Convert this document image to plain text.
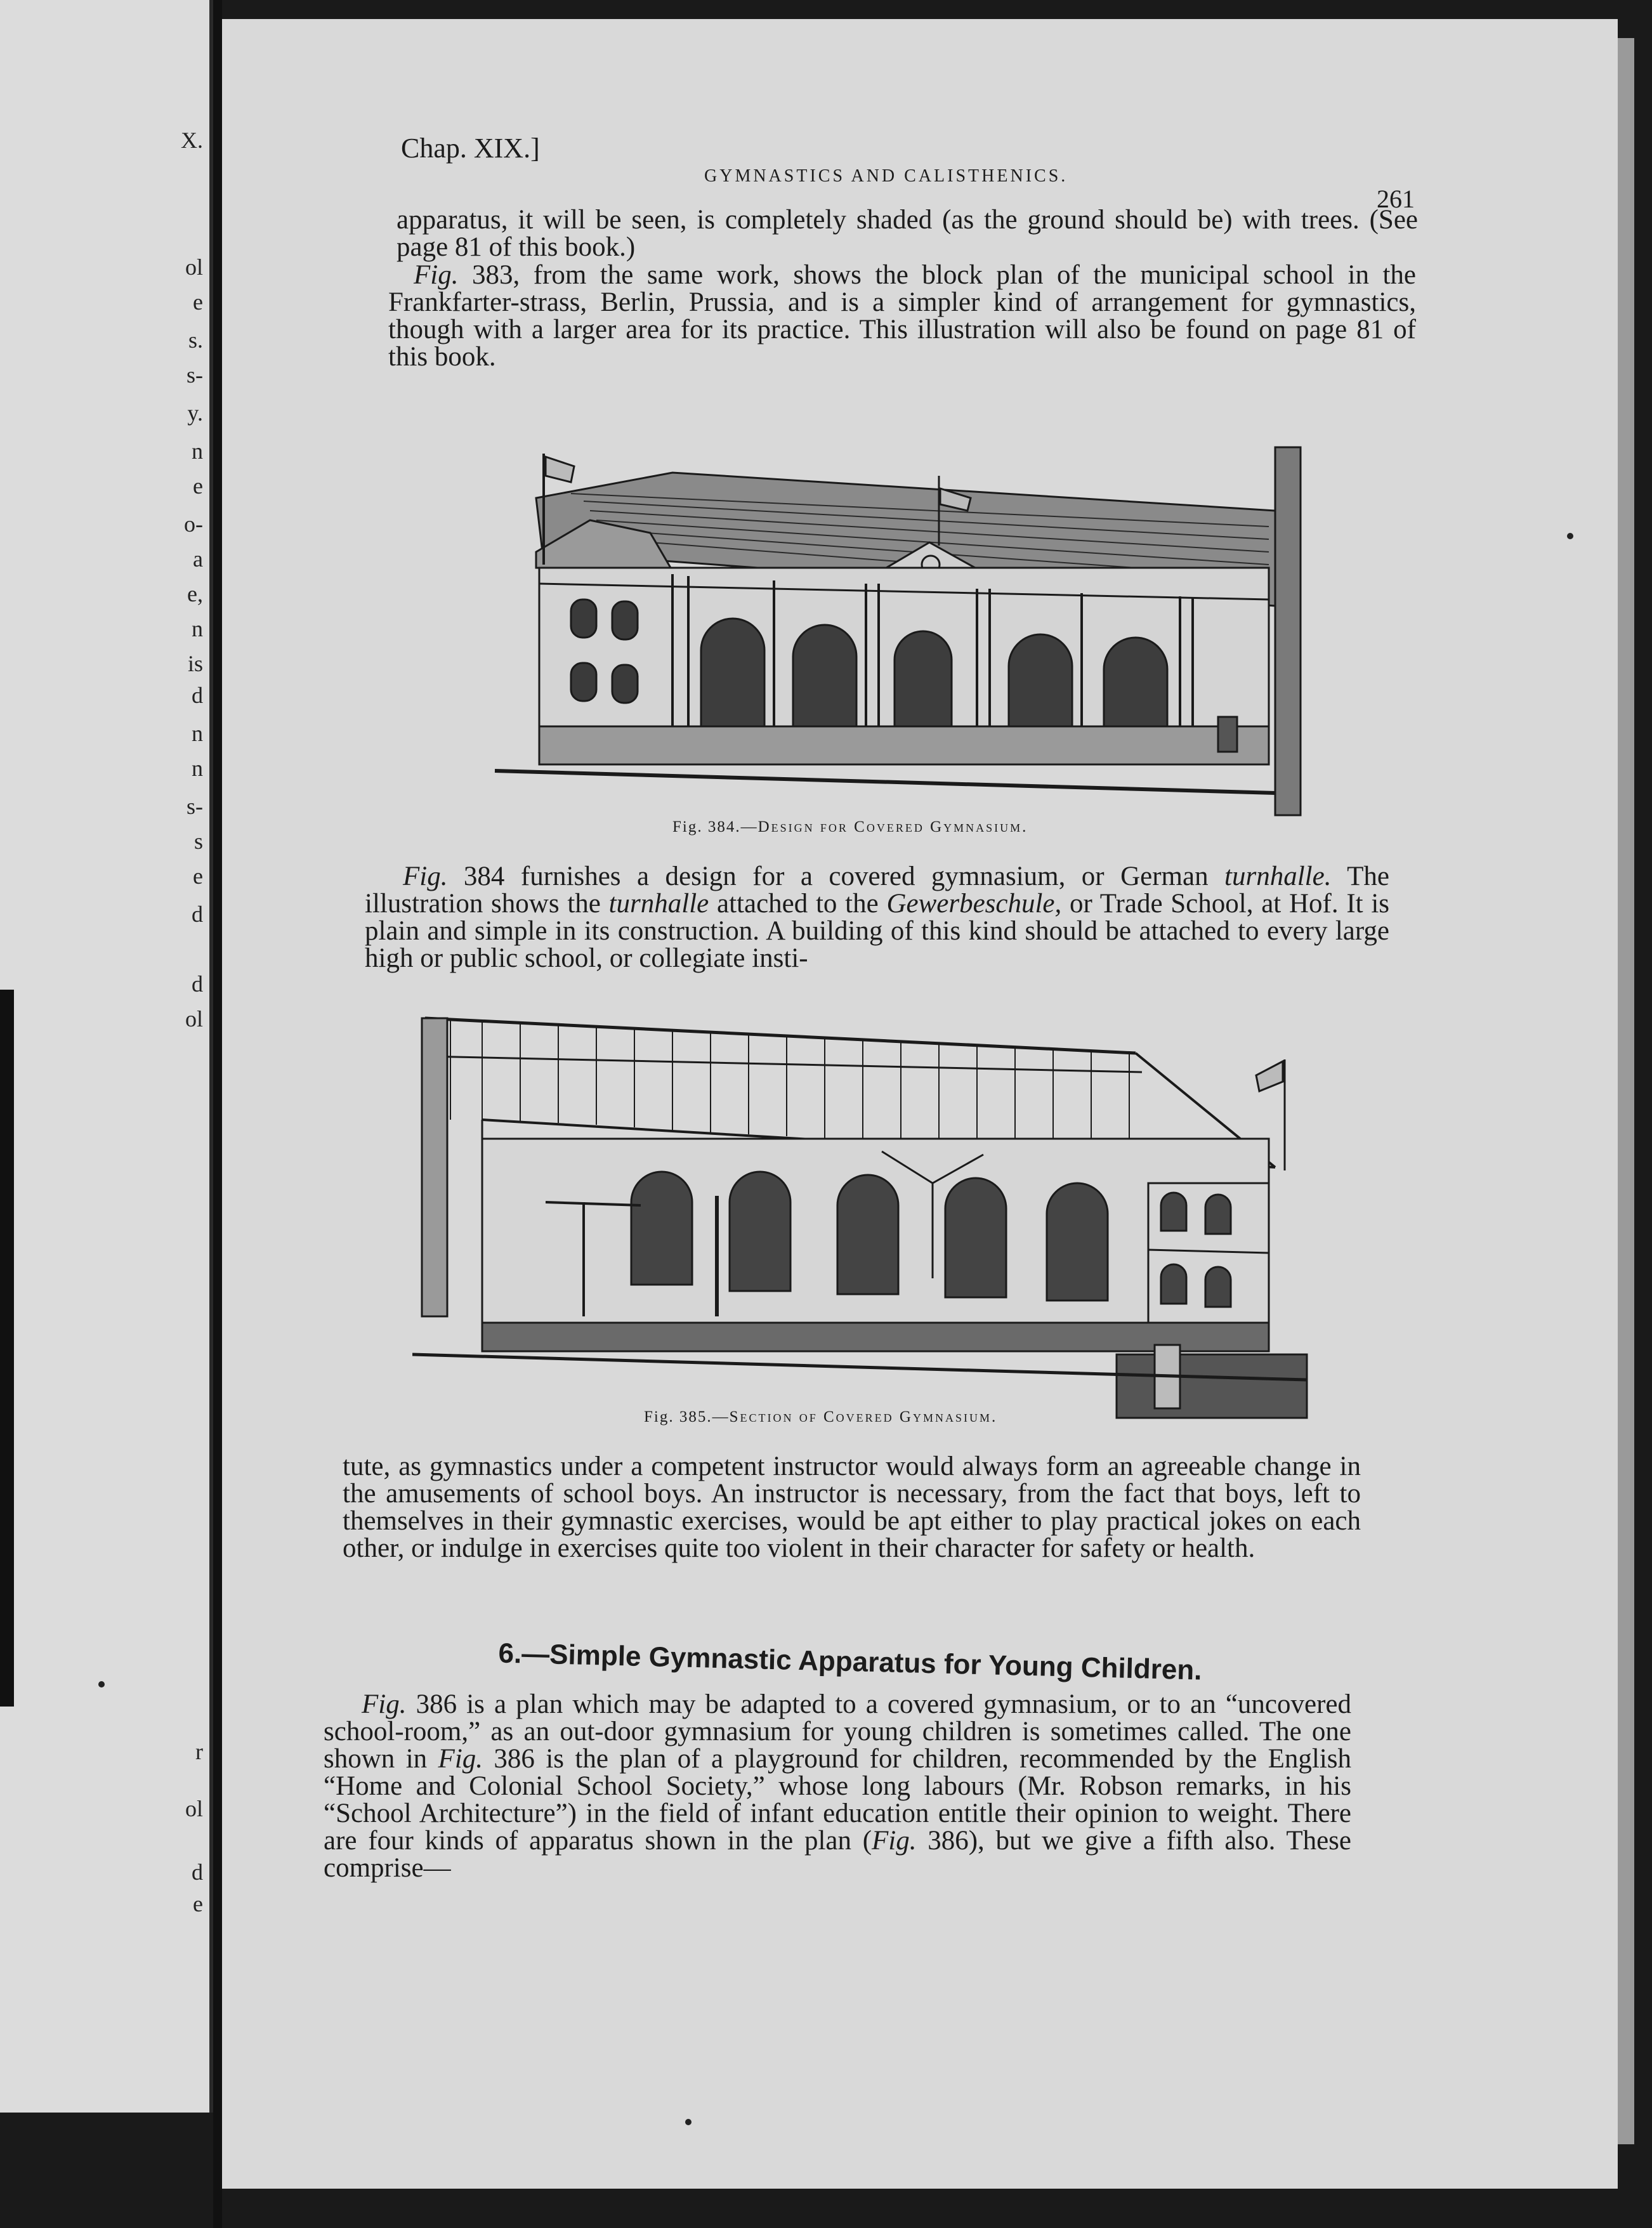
X.
ol
e
s.
s-
y.
n
e
o-
a
e,
n
is
d
n
n
s-
s
e
d
d
ol
r
ol
d
e
Chap. XIX.]
GYMNASTICS AND CALISTHENICS.
261

apparatus, it will be seen, is completely shaded (as the ground should be) with trees. (See page 81 of this book.)

Fig. 383, from the same work, shows the block plan of the municipal school in the Frankfarter-strass, Berlin, Prussia, and is a simpler kind of arrangement for gymnastics, though with a larger area for its practice. This illustration will also be found on page 81 of this book.

Fig. 384.—Design for Covered Gymnasium.

Fig. 384 furnishes a design for a covered gymnasium, or German turnhalle. The illustration shows the turnhalle attached to the Gewerbeschule, or Trade School, at Hof. It is plain and simple in its construction. A building of this kind should be attached to every large high or public school, or collegiate insti-

Fig. 385.—Section of Covered Gymnasium.

tute, as gymnastics under a competent instructor would always form an agreeable change in the amusements of school boys. An instructor is necessary, from the fact that boys, left to themselves in their gymnastic exercises, would be apt either to play practical jokes on each other, or indulge in exercises quite too violent in their character for safety or health.

6.—Simple Gymnastic Apparatus for Young Children.

Fig. 386 is a plan which may be adapted to a covered gymnasium, or to an “uncovered school-room,” as an out-door gymnasium for young children is sometimes called. The one shown in Fig. 386 is the plan of a playground for children, recommended by the English “Home and Colonial School Society,” whose long labours (Mr. Robson remarks, in his “School Architecture”) in the field of infant education entitle their opinion to weight. There are four kinds of apparatus shown in the plan (Fig. 386), but we give a fifth also. These comprise—
